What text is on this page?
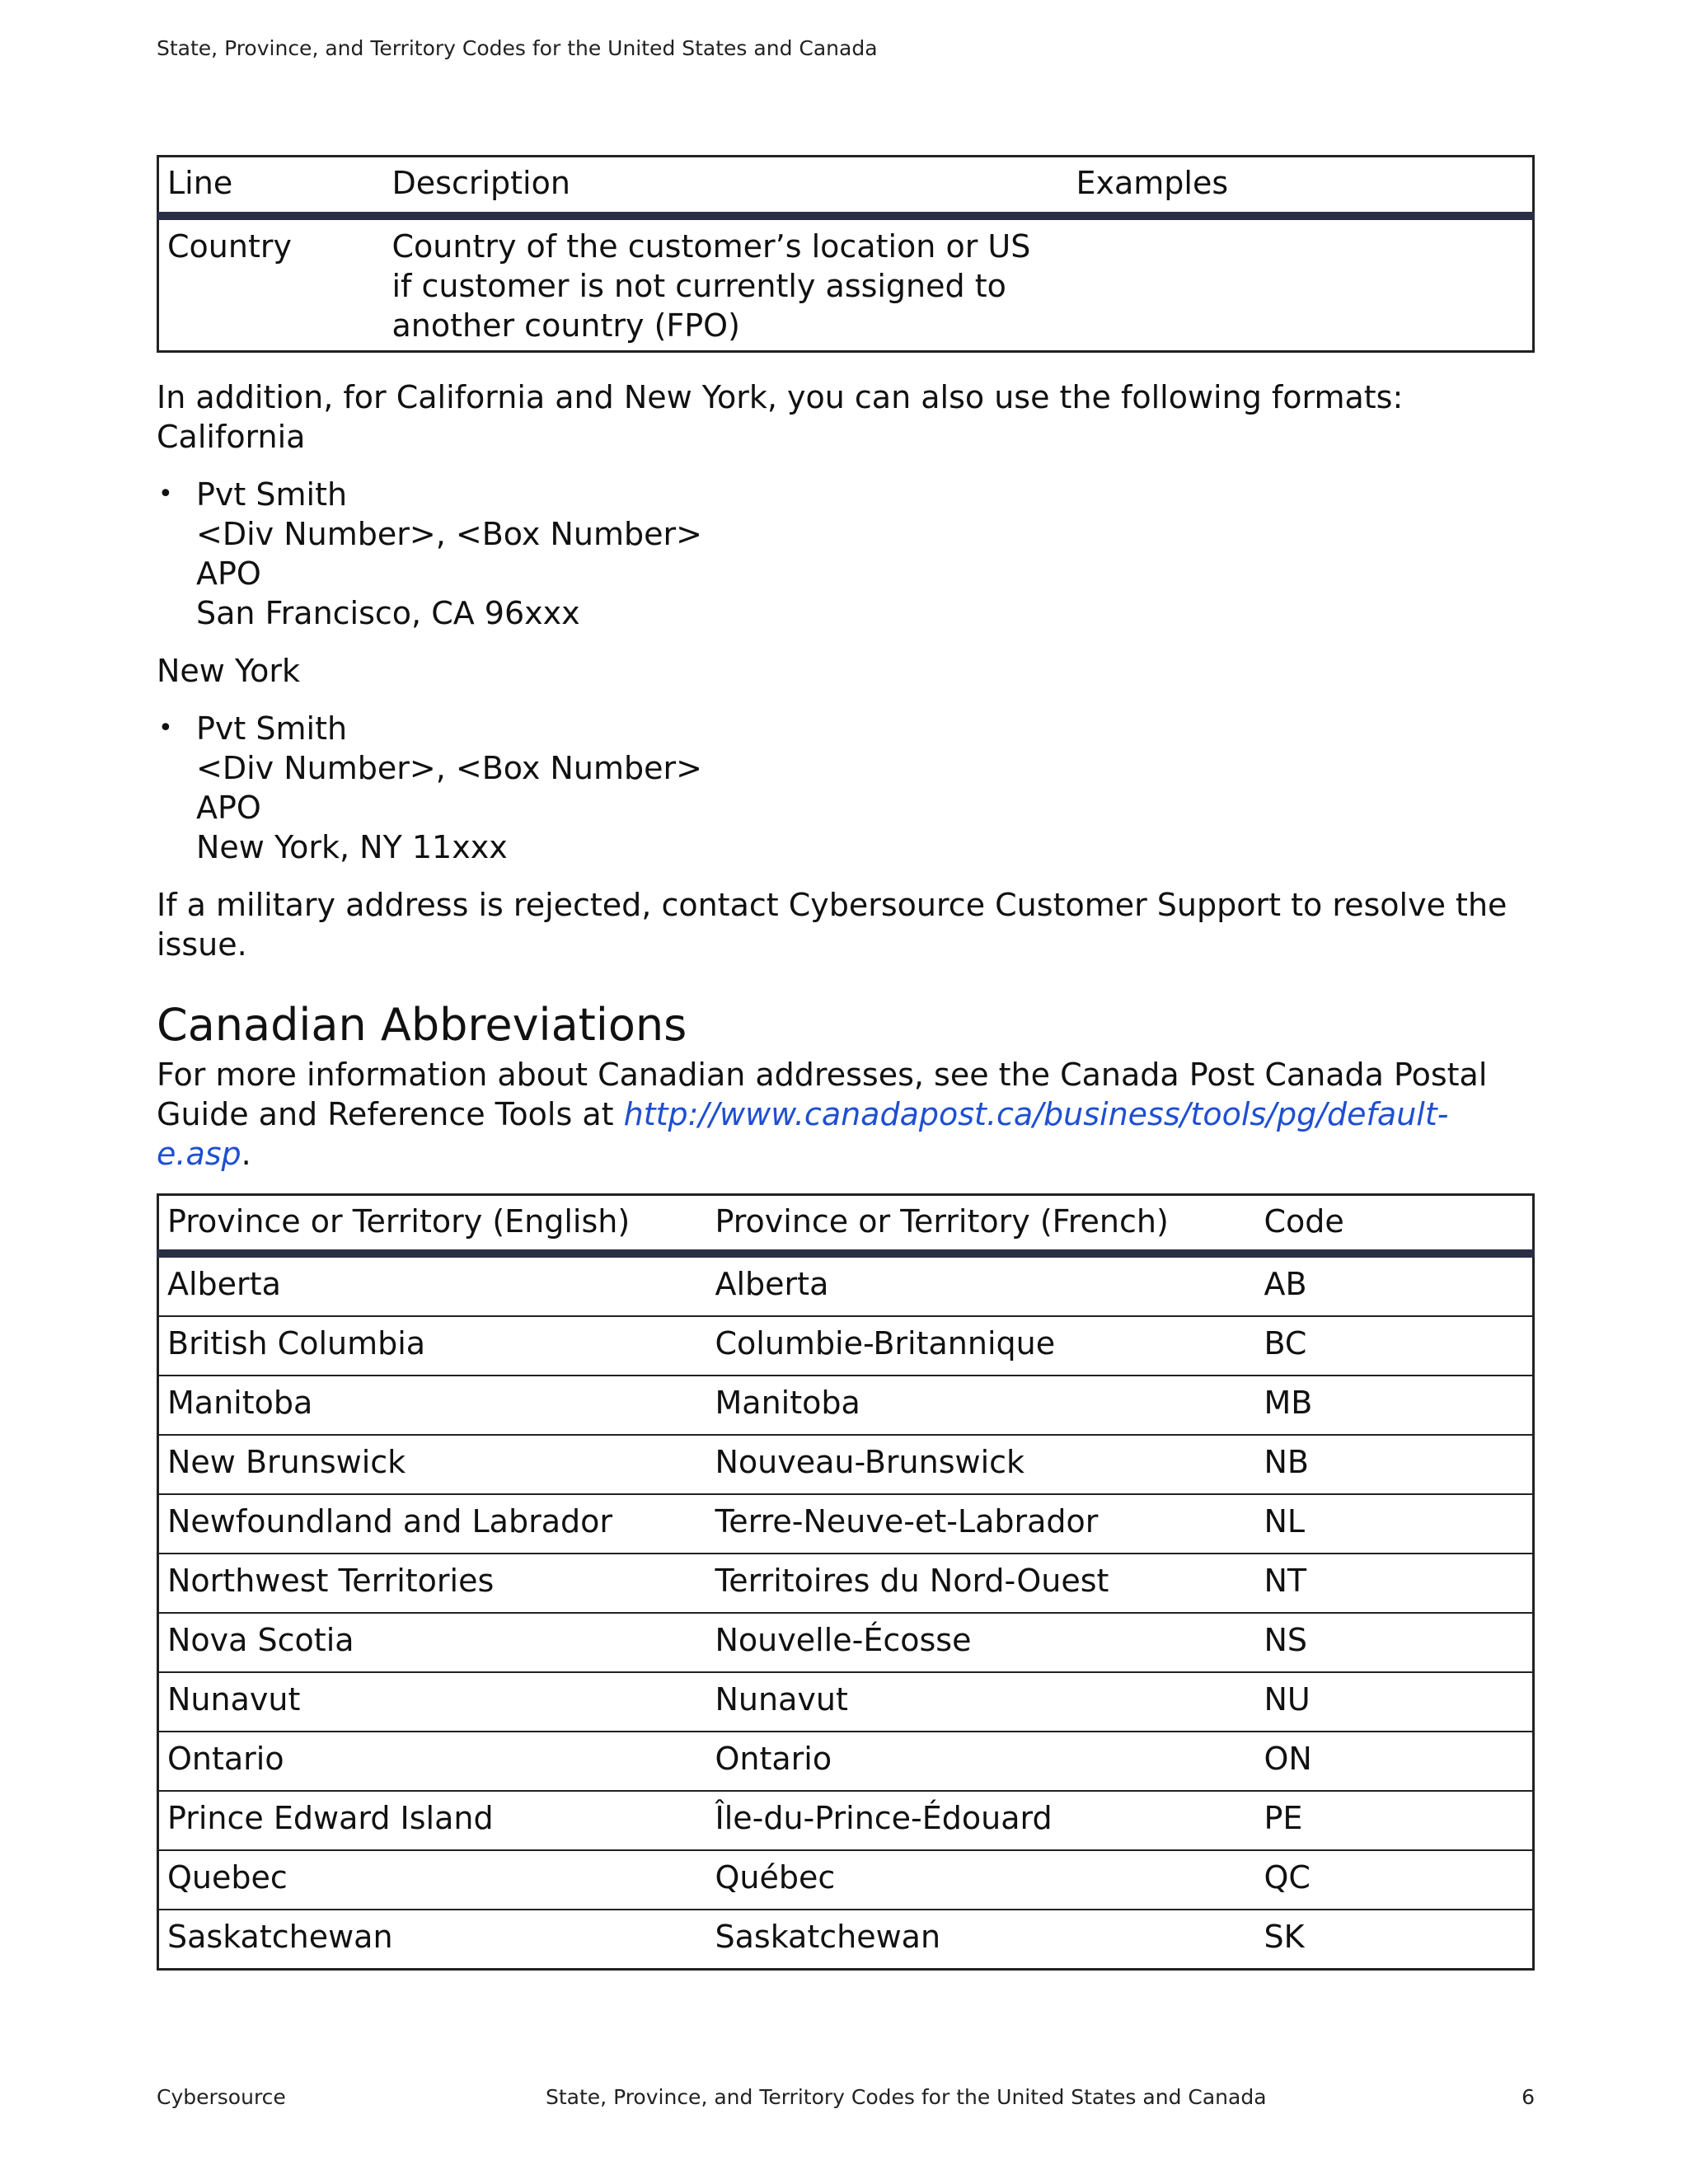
State, Province, and Territory Codes for the United States and Canada
Line	Description	Examples
Country	Country of the customer’s location or US
if customer is not currently assigned to
another country (FPO)	

In addition, for California and New York, you can also use the following formats:

California

• Pvt Smith
<Div Number>, <Box Number>
APO
San Francisco, CA 96xxx

New York

• Pvt Smith
<Div Number>, <Box Number>
APO
New York, NY 11xxx

If a military address is rejected, contact Cybersource Customer Support to resolve the issue.

Canadian Abbreviations

For more information about Canadian addresses, see the Canada Post Canada Postal Guide and Reference Tools at http://www.canadapost.ca/business/tools/pg/default-e.asp.

Province or Territory (English)	Province or Territory (French)	Code
Alberta	Alberta	AB
British Columbia	Columbie-Britannique	BC
Manitoba	Manitoba	MB
New Brunswick	Nouveau-Brunswick	NB
Newfoundland and Labrador	Terre-Neuve-et-Labrador	NL
Northwest Territories	Territoires du Nord-Ouest	NT
Nova Scotia	Nouvelle-Écosse	NS
Nunavut	Nunavut	NU
Ontario	Ontario	ON
Prince Edward Island	Île-du-Prince-Édouard	PE
Quebec	Québec	QC
Saskatchewan	Saskatchewan	SK
Cybersource	State, Province, and Territory Codes for the United States and Canada	6
